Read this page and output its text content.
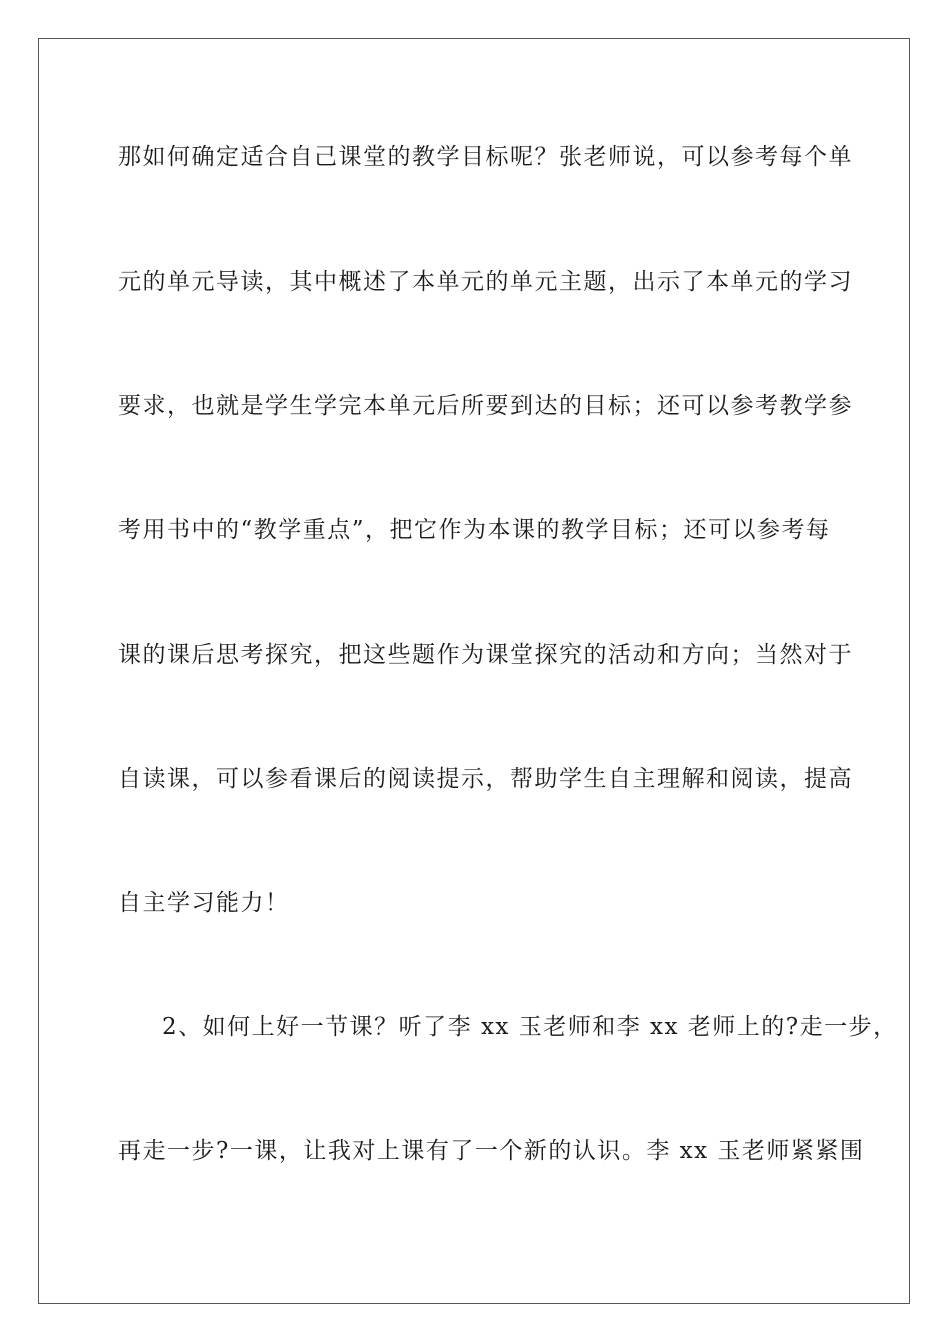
那如何确定适合自己课堂的教学目标呢？张老师说，可以参考每个单
元的单元导读，其中概述了本单元的单元主题，出示了本单元的学习
要求，也就是学生学完本单元后所要到达的目标；还可以参考教学参
考用书中的“教学重点”，把它作为本课的教学目标；还可以参考每
课的课后思考探究，把这些题作为课堂探究的活动和方向；当然对于
自读课，可以参看课后的阅读提示，帮助学生自主理解和阅读，提高
自主学习能力！
2、如何上好一节课？听了李 xx 玉老师和李 xx 老师上的?走一步，
再走一步?一课，让我对上课有了一个新的认识。李 xx 玉老师紧紧围
